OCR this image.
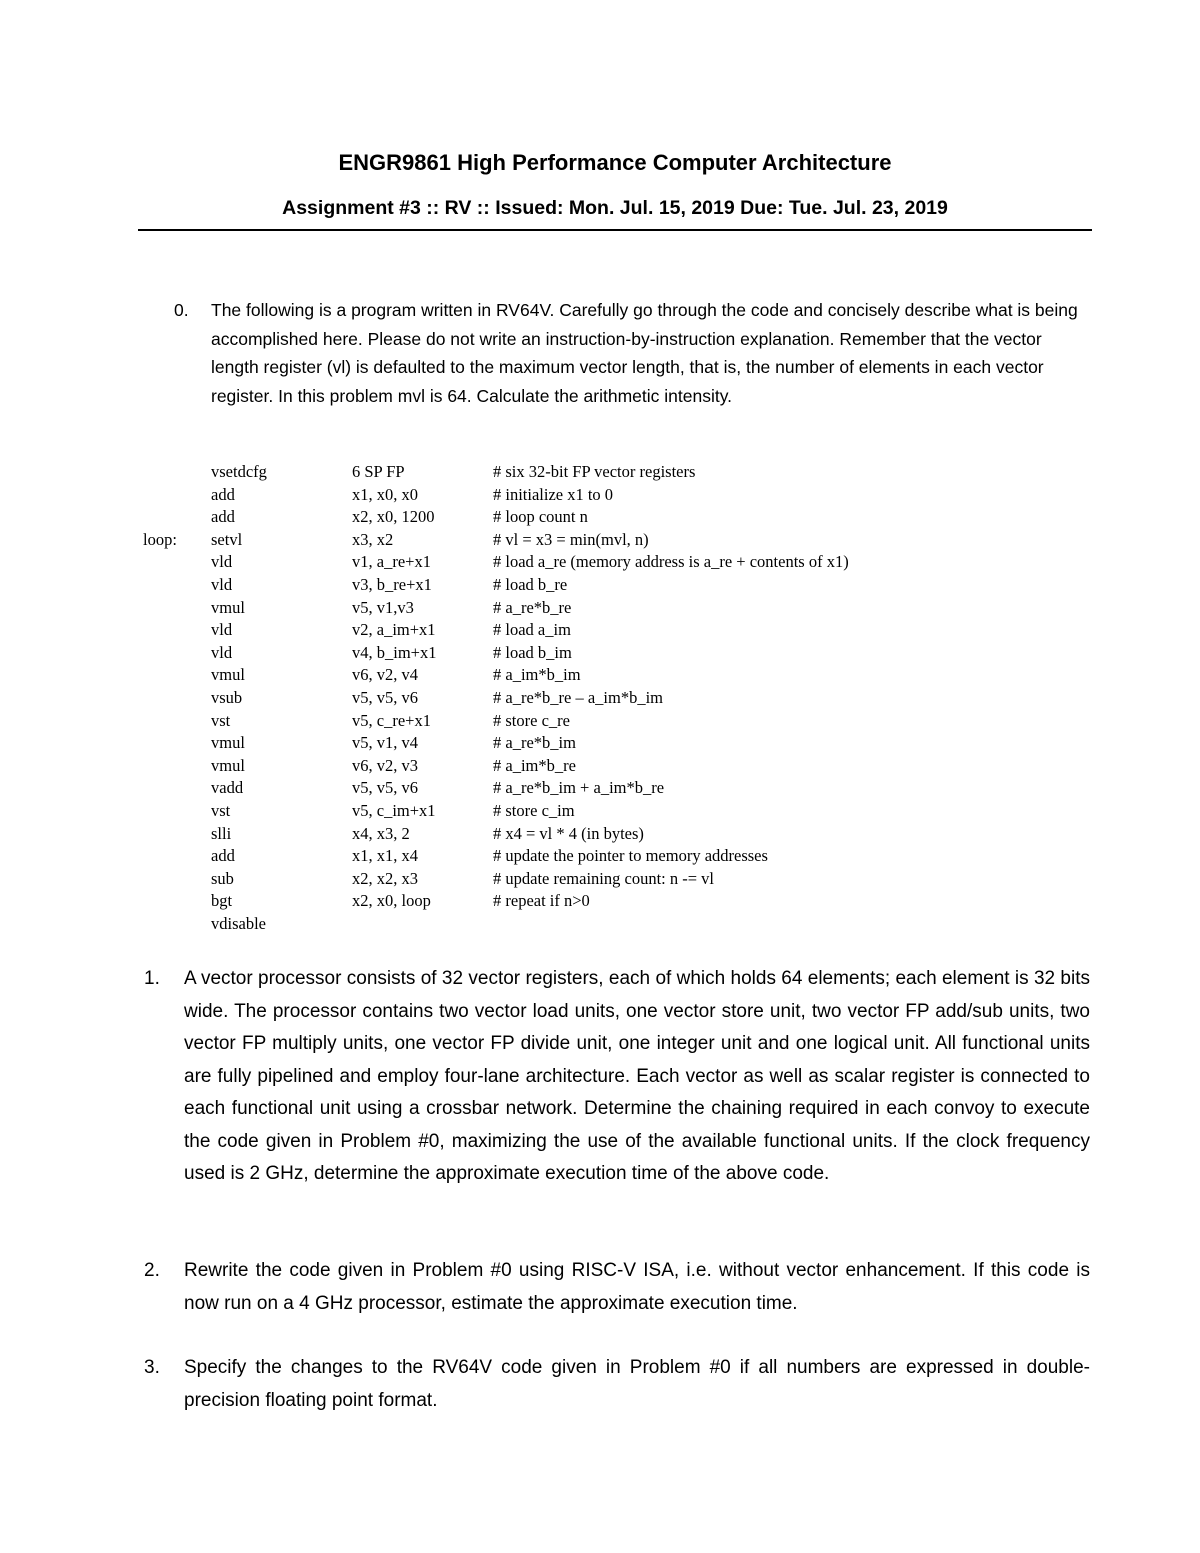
ENGR9861 High Performance Computer Architecture
Assignment #3 :: RV :: Issued: Mon. Jul. 15, 2019 Due: Tue. Jul. 23, 2019
0. The following is a program written in RV64V. Carefully go through the code and concisely describe what is being accomplished here. Please do not write an instruction-by-instruction explanation. Remember that the vector length register (vl) is defaulted to the maximum vector length, that is, the number of elements in each vector register. In this problem mvl is 64. Calculate the arithmetic intensity.
vsetdcfg	6 SP FP	# six 32-bit FP vector registers
add	x1, x0, x0	# initialize x1 to 0
add	x2, x0, 1200	# loop count n
loop: setvl	x3, x2	# vl = x3 = min(mvl, n)
vld	v1, a_re+x1	# load a_re (memory address is a_re + contents of x1)
vld	v3, b_re+x1	# load b_re
vmul	v5, v1,v3	# a_re*b_re
vld	v2, a_im+x1	# load a_im
vld	v4, b_im+x1	# load b_im
vmul	v6, v2, v4	# a_im*b_im
vsub	v5, v5, v6	# a_re*b_re – a_im*b_im
vst	v5, c_re+x1	# store c_re
vmul	v5, v1, v4	# a_re*b_im
vmul	v6, v2, v3	# a_im*b_re
vadd	v5, v5, v6	# a_re*b_im + a_im*b_re
vst	v5, c_im+x1	# store c_im
slli	x4, x3, 2	# x4 = vl * 4 (in bytes)
add	x1, x1, x4	# update the pointer to memory addresses
sub	x2, x2, x3	# update remaining count: n -= vl
bgt	x2, x0, loop	# repeat if n>0
vdisable
1. A vector processor consists of 32 vector registers, each of which holds 64 elements; each element is 32 bits wide. The processor contains two vector load units, one vector store unit, two vector FP add/sub units, two vector FP multiply units, one vector FP divide unit, one integer unit and one logical unit. All functional units are fully pipelined and employ four-lane architecture. Each vector as well as scalar register is connected to each functional unit using a crossbar network. Determine the chaining required in each convoy to execute the code given in Problem #0, maximizing the use of the available functional units. If the clock frequency used is 2 GHz, determine the approximate execution time of the above code.
2. Rewrite the code given in Problem #0 using RISC-V ISA, i.e. without vector enhancement. If this code is now run on a 4 GHz processor, estimate the approximate execution time.
3. Specify the changes to the RV64V code given in Problem #0 if all numbers are expressed in double-precision floating point format.
